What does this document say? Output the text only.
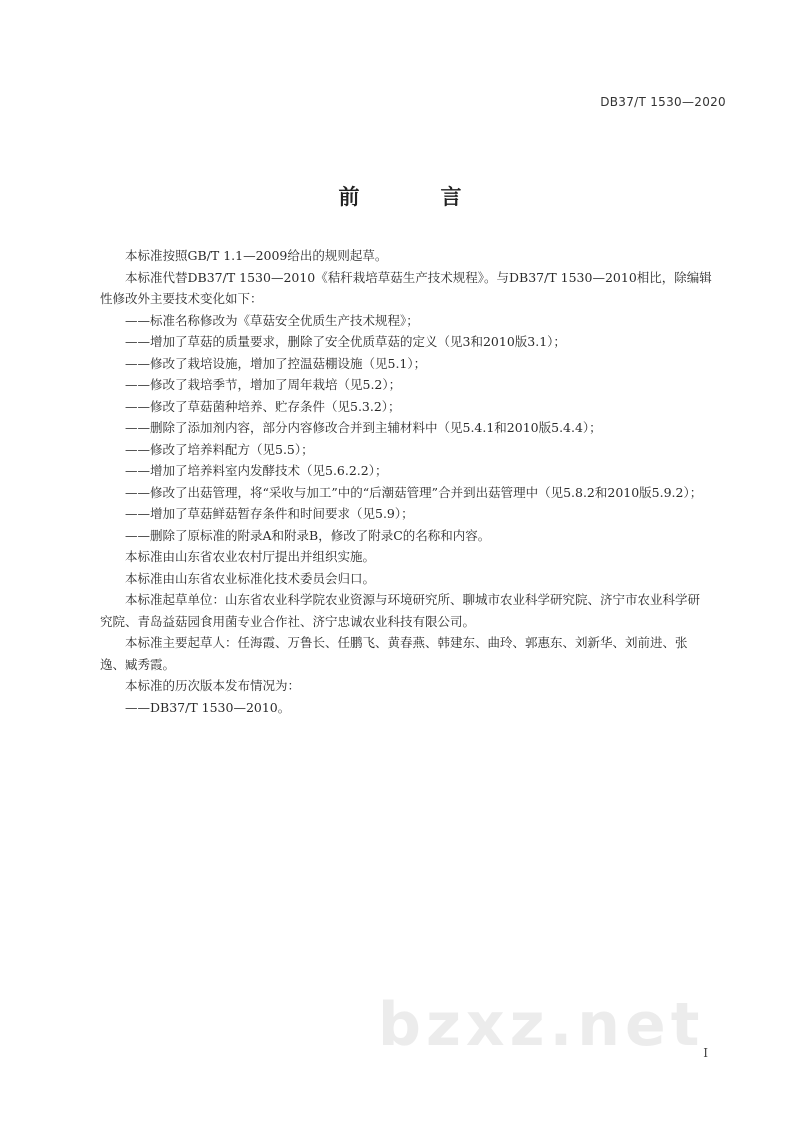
DB37/T 1530—2020
前　言

本标准按照GB/T 1.1—2009给出的规则起草。

本标准代替DB37/T 1530—2010《秸秆栽培草菇生产技术规程》。与DB37/T 1530—2010相比，除编辑性修改外主要技术变化如下：

——标准名称修改为《草菇安全优质生产技术规程》；

——增加了草菇的质量要求，删除了安全优质草菇的定义（见3和2010版3.1）；

——修改了栽培设施，增加了控温菇棚设施（见5.1）；

——修改了栽培季节，增加了周年栽培（见5.2）；

——修改了草菇菌种培养、贮存条件（见5.3.2）；

——删除了添加剂内容，部分内容修改合并到主辅材料中（见5.4.1和2010版5.4.4）；

——修改了培养料配方（见5.5）；

——增加了培养料室内发酵技术（见5.6.2.2）；

——修改了出菇管理，将“采收与加工”中的“后潮菇管理”合并到出菇管理中（见5.8.2和2010版5.9.2）；

——增加了草菇鲜菇暂存条件和时间要求（见5.9）；

——删除了原标准的附录A和附录B，修改了附录C的名称和内容。

本标准由山东省农业农村厅提出并组织实施。

本标准由山东省农业标准化技术委员会归口。

本标准起草单位：山东省农业科学院农业资源与环境研究所、聊城市农业科学研究院、济宁市农业科学研究院、青岛益菇园食用菌专业合作社、济宁忠诚农业科技有限公司。

本标准主要起草人：任海霞、万鲁长、任鹏飞、黄春燕、韩建东、曲玲、郭惠东、刘新华、刘前进、张逸、臧秀霞。

本标准的历次版本发布情况为：

——DB37/T 1530—2010。

bzxz.net
I
